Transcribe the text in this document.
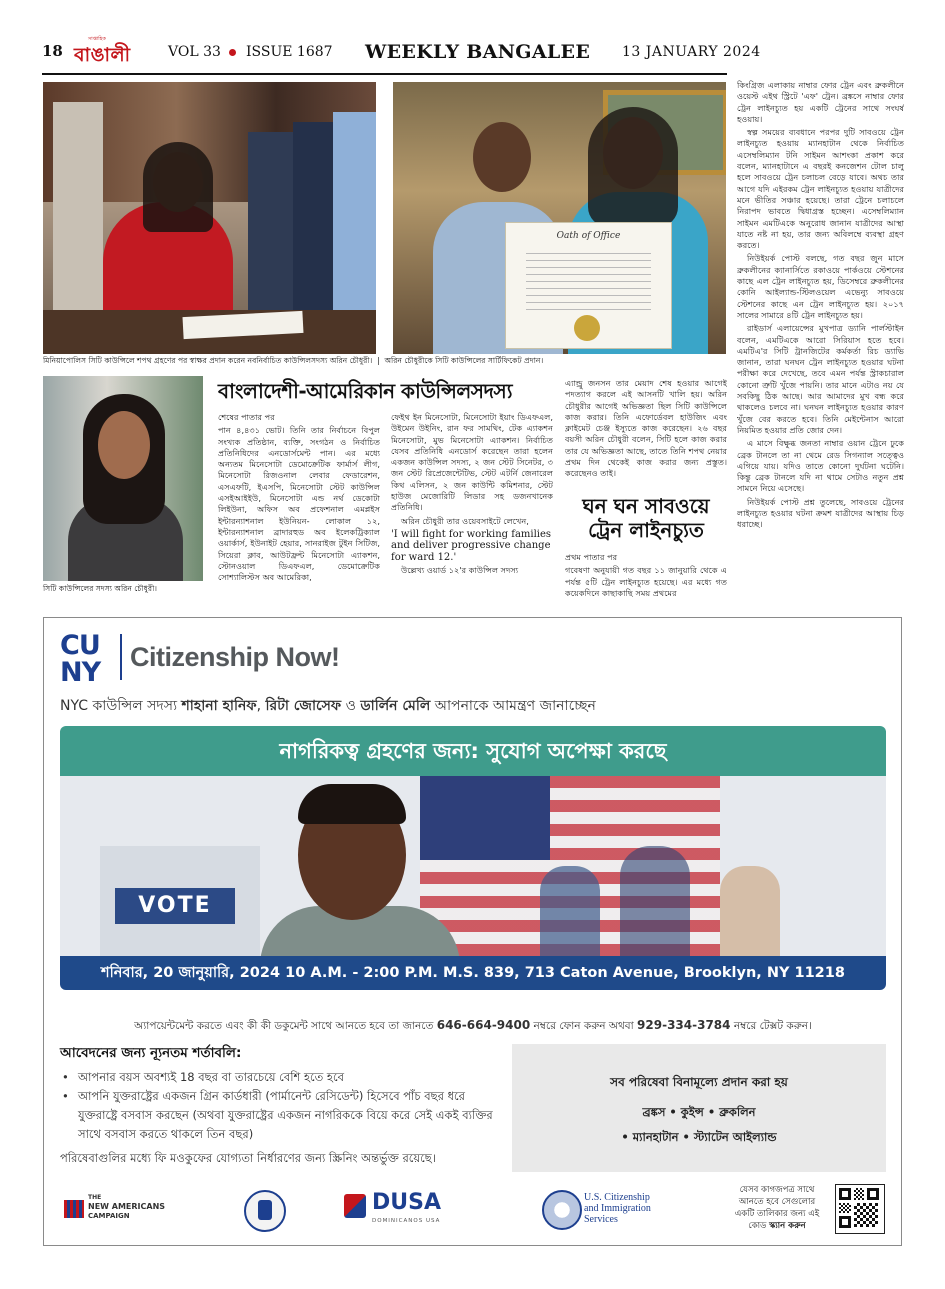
18
সাপ্তাহিক
বাঙালী	VOL 33 ISSUE 1687 WEEKLY BANGALEE 13 JANUARY 2024
Oath of Office
মিনিয়াপোলিস সিটি কাউন্সিলে শপথ গ্রহণের পর স্বাক্ষর প্রদান করেন নবনির্বাচিত কাউন্সিলসদস্য অরিন চৌধুরী।  |  অরিন চৌধুরীকে সিটি কাউন্সিলের সার্টিফিকেট প্রদান।
সিটি কাউন্সিলের সদস্য অরিন চৌধুরী।
বাংলাদেশী-আমেরিকান কাউন্সিলসদস্য

শেষের পাতার পর

পান ৪,৪৩১ ভোট। তিনি তার নির্বাচনে বিপুল সংখ্যক প্রতিষ্ঠান, ব্যক্তি, সংগঠন ও নির্বাচিত প্রতিনিধিদের এনডোর্সমেন্ট পান। এর মধ্যে অন্যতম মিনেসোটা ডেমোক্রেটিক ফার্মার্স লীগ, মিনেসোটা রিজওনাল লেবার ফেডারেশন, এসএফটি, ইএসপি, মিনেসোটা স্টেট কাউন্সিল এসইআইইউ, মিনেসোটা এন্ড নর্থ ডেকোটা লিইউনা, অফিস অব প্রফেশনাল এমপ্লইস ইন্টারন্যাশনাল ইউনিয়ন- লোকাল ১২, ইন্টারন্যাশনাল ব্রাদারহুড অব ইলেকট্রিক্যাল ওয়ার্কার্স, ইউনাইট হেয়ার, সানরাইজ টুইন সিটিজ, সিয়েরা ক্লাব, আউটফ্রন্ট মিনেসোটা এ্যাকশন, স্টোনওয়াল ডিএফএল, ডেমোক্রেটিক সোশ্যালিস্টস অব আমেরিকা,

ফেইথ ইন মিনেসোটা, মিনেসোটা ইয়াং ডিএফএল, উইমেন উইনিং, রান ফর সামথিং, টেক এ্যাকশন মিনেসোটা, মুভ মিনেসোটা এ্যাকশন। নির্বাচিত যেসব প্রতিনিধি এনডোর্স করেছেন তারা হলেন একজন কাউন্সিল সদস্য, ২ জন স্টেট সিনেটর, ৩ জন স্টেট রিপ্রেজেন্টেটিভ, স্টেট এটর্নি জেনারেল কিথ এলিসন, ২ জন কাউন্টি কমিশনার, স্টেট হাউজ মেজোরিটি লিডার সহ ডজনখানেক প্রতিনিধি।

অরিন চৌধুরী তার ওয়েবসাইটে লেখেন,

'I will fight for working families and deliver progressive change for ward 12.'

উল্লেখ্য ওয়ার্ড ১২'র কাউন্সিল সদস্য

এ্যান্ড্রু জনসন তার মেয়াদ শেষ হওয়ার আগেই পদত্যাগ করলে এই আসনটি খালি হয়। অরিন চৌধুরীর আগেই অভিজ্ঞতা ছিল সিটি কাউন্সিলে কাজ করার। তিনি এফোর্ডেবল হাউজিং এবং ক্লাইমেট চেঞ্জ ইস্যুতে কাজ করেছেন। ২৬ বছর বয়সী অরিন চৌধুরী বলেন, সিটি হলে কাজ করার তার যে অভিজ্ঞতা আছে, তাতে তিনি শপথ নেয়ার প্রথম দিন থেকেই কাজ করার জন্য প্রস্তুত। করেছেনও তাই।

ঘন ঘন সাবওয়ে
ট্রেন লাইনচ্যুত

প্রথম পাতার পর

গবেষণা অনুযায়ী গত বছর ১১ জানুয়ারি থেকে এ পর্যন্ত ৫টি ট্রেন লাইনচ্যুত হয়েছে। এর মধ্যে গত কয়েকদিনে কাছাকাছি সময় প্রথমের

কিংগ্রিজ এলাকায় নাম্বার ফোর ট্রেন এবং ব্রুকলীনে ওয়েস্ট এইথ স্ট্রিটে 'এফ' ট্রেন। ব্রঙ্কসে নাম্বার ফোর ট্রেন লাইনচ্যুত হয় একটি ট্রেনের সাথে সংঘর্ষ হওয়ায়।

স্বল্প সময়ের ব্যবধানে পরপর দুটি সাবওয়ে ট্রেন লাইনচ্যুত হওয়ায় ম্যানহাটান থেকে নির্বাচিত এসেম্বলিম্যান টনি সাইমন আশংকা প্রকাশ করে বলেন, ম্যানহাটানে এ বছরই কনজেশন টোল চালু হলে সাবওয়ে ট্রেন চলাচল বেড়ে যাবে। অথচ তার আগে যদি এইরকম ট্রেন লাইনচ্যুত হওয়ায় যাত্রীদের মনে ভীতির সঞ্চার হয়েছে। তারা ট্রেনে চলাচলে নিরাপদ ভাবতে দ্বিধাগ্রস্ত হচ্ছেন। এসেম্বলিম্যান সাইমন এমটিএকে অনুরোধ জানান যাত্রীদের আস্থা যাতে নষ্ট না হয়, তার জন্য অবিলম্বে ব্যবস্থা গ্রহণ করতে।

নিউইয়র্ক পোস্ট বলছে, গত বছর জুন মাসে ব্রুকলীনের ক্যানার্সিতে রকাওয়ে পার্কওয়ে স্টেশনের কাছে এল ট্রেন লাইনচ্যুত হয়, ডিসেম্বরে ব্রুকলীনের কোনি আইল্যান্ড-স্টিলওয়েল এভেন্যু সাবওয়ে স্টেশনের কাছে এন ট্রেন লাইনচ্যুত হয়। ২০১৭ সালের সামারে ৪টি ট্রেন লাইনচ্যুত হয়।

রাইডার্স এলায়েন্সের মুখপাত্র ড্যানি পার্লস্টাইন বলেন, এমটিএকে আরো সিরিয়াস হতে হবে। এমটিএ'র সিটি ট্রানজিটের কর্মকর্তা রিচ ড্যাভি জানান, তারা ঘনঘন ট্রেন লাইনচ্যুত হওয়ার ঘটনা পরীক্ষা করে দেখেছে, তবে এমন পর্যন্ত স্ট্রাকচারাল কোনো ত্রুটি খুঁজে পায়নি। তার মানে এটাও নয় যে সবকিছু ঠিক আছে। আর আমাদের মুখ বন্ধ করে থাকলেও চলবে না। ঘনঘন লাইনচ্যুত হওয়ার কারণ খুঁজে বের করতে হবে। তিনি মেইন্টেনাস আরো নিয়মিত হওয়ার প্রতি জোর দেন।

এ মাসে বিক্ষুব্ধ জনতা নাম্বার ওয়ান ট্রেনে ঢুকে ব্রেক টানলে তা না থেমে রেড সিগন্যাল সত্ত্বেও এগিয়ে যায়। যদিও তাতে কোনো দুর্ঘটনা ঘটেনি। কিন্তু ব্রেক টানলে যদি না থামে সেটাও নতুন প্রশ্ন সামনে নিয়ে এসেছে।

নিউইয়র্ক পোস্ট প্রশ্ন তুলেছে, সাবওয়ে ট্রেনের লাইনচ্যুত হওয়ার ঘটনা ক্রমশ যাত্রীদের আস্থায় চিড় ধরাচ্ছে।

CU
NY	Citizenship Now!
NYC কাউন্সিল সদস্য শাহানা হানিফ, রিটা জোসেফ ও ডার্লিন মেলি আপনাকে আমন্ত্রণ জানাচ্ছেন
নাগরিকত্ব গ্রহণের জন্য: সুযোগ অপেক্ষা করছে
VOTE
শনিবার, 20 জানুয়ারি, 2024 10 A.M. - 2:00 P.M. M.S. 839, 713 Caton Avenue, Brooklyn, NY 11218
অ্যাপয়েন্টমেন্ট করতে এবং কী কী ডকুমেন্ট সাথে আনতে হবে তা জানতে 646-664-9400 নম্বরে ফোন করুন অথবা 929-334-3784 নম্বরে টেক্সট করুন।
আবেদনের জন্য ন্যূনতম শর্তাবলি:
• আপনার বয়স অবশ্যই 18 বছর বা তারচেয়ে বেশি হতে হবে
• আপনি যুক্তরাষ্ট্রের একজন গ্রিন কার্ডধারী (পার্মানেন্ট রেসিডেন্ট) হিসেবে পাঁচ বছর ধরে যুক্তরাষ্ট্রে বসবাস করছেন (অথবা যুক্তরাষ্ট্রের একজন নাগরিককে বিয়ে করে সেই একই ব্যক্তির সাথে বসবাস করতে থাকলে তিন বছর)
পরিষেবাগুলির মধ্যে ফি মওকুফের যোগ্যতা নির্ধারণের জন্য স্ক্রিনিং অন্তর্ভুক্ত রয়েছে।
সব পরিষেবা বিনামূল্যে প্রদান করা হয়
ব্রঙ্কস • কুইন্স • ব্রুকলিন
• ম্যানহাটান • স্ট্যাটেন আইল্যান্ড
THE
NEW AMERICANS
CAMPAIGN
DUSA
DOMINICANOS USA
U.S. Citizenship
and Immigration
Services
যেসব কাগজপত্র সাথে আনতে হবে সেগুলোর একটি তালিকার জন্য এই কোড স্ক্যান করুন
